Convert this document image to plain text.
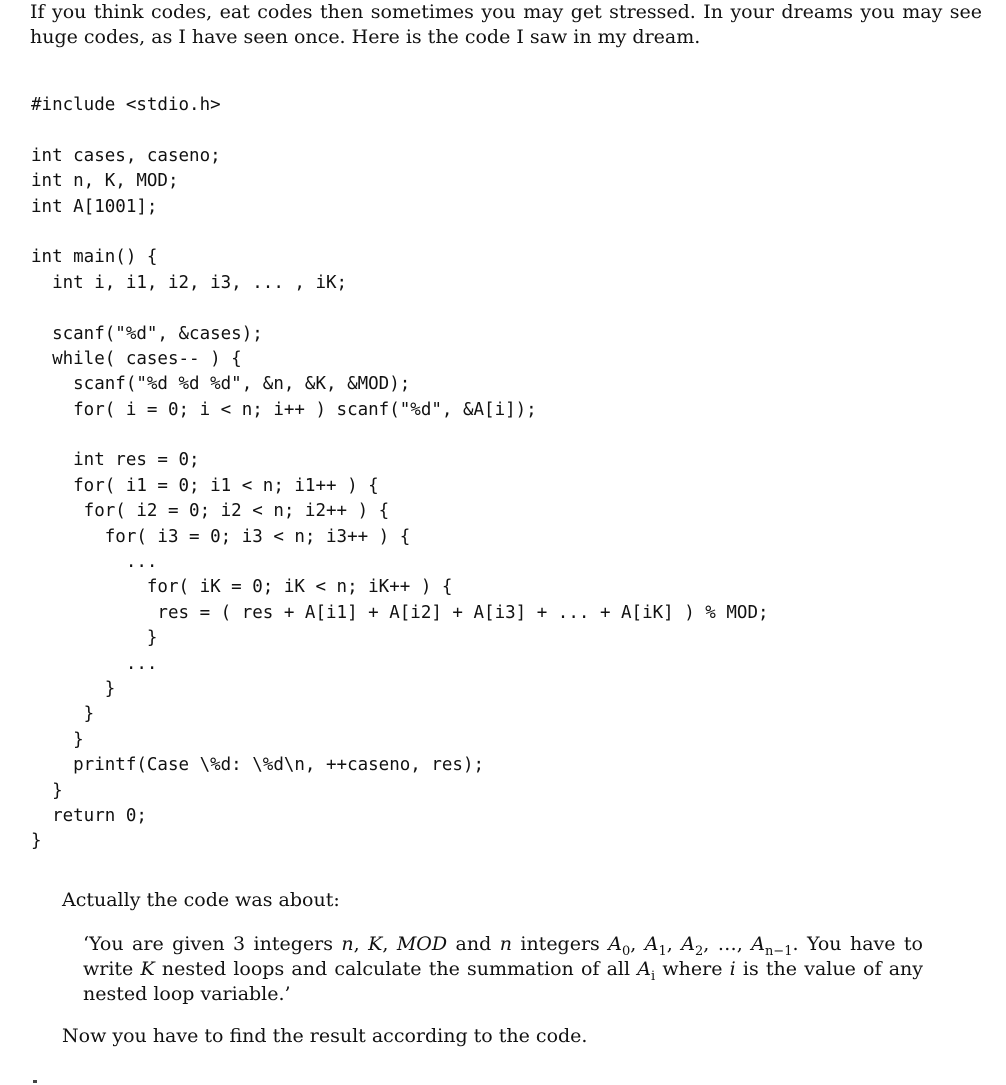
If you think codes, eat codes then sometimes you may get stressed. In your dreams you may see huge codes, as I have seen once. Here is the code I saw in my dream.

#include <stdio.h>
int cases, caseno;
int n, K, MOD;
int A[1001];
int main() {
int i, i1, i2, i3, ... , iK;
scanf("%d", &cases);
while( cases-- ) {
scanf("%d %d %d", &n, &K, &MOD);
for( i = 0; i < n; i++ ) scanf("%d", &A[i]);
int res = 0;
for( i1 = 0; i1 < n; i1++ ) {
for( i2 = 0; i2 < n; i2++ ) {
for( i3 = 0; i3 < n; i3++ ) {
...
for( iK = 0; iK < n; iK++ ) {
res = ( res + A[i1] + A[i2] + A[i3] + ... + A[iK] ) % MOD;
}
...
}
}
}
printf(Case \%d: \%d\n, ++caseno, res);
}
return 0;
}

Actually the code was about:

‘You are given 3 integers n, K, MOD and n integers $A_0$, $A_1$, $A_2$, …, $A_{n-1}$. You have to write K nested loops and calculate the summation of all $A_i$ where i is the value of any nested loop variable.’

Now you have to find the result according to the code.
